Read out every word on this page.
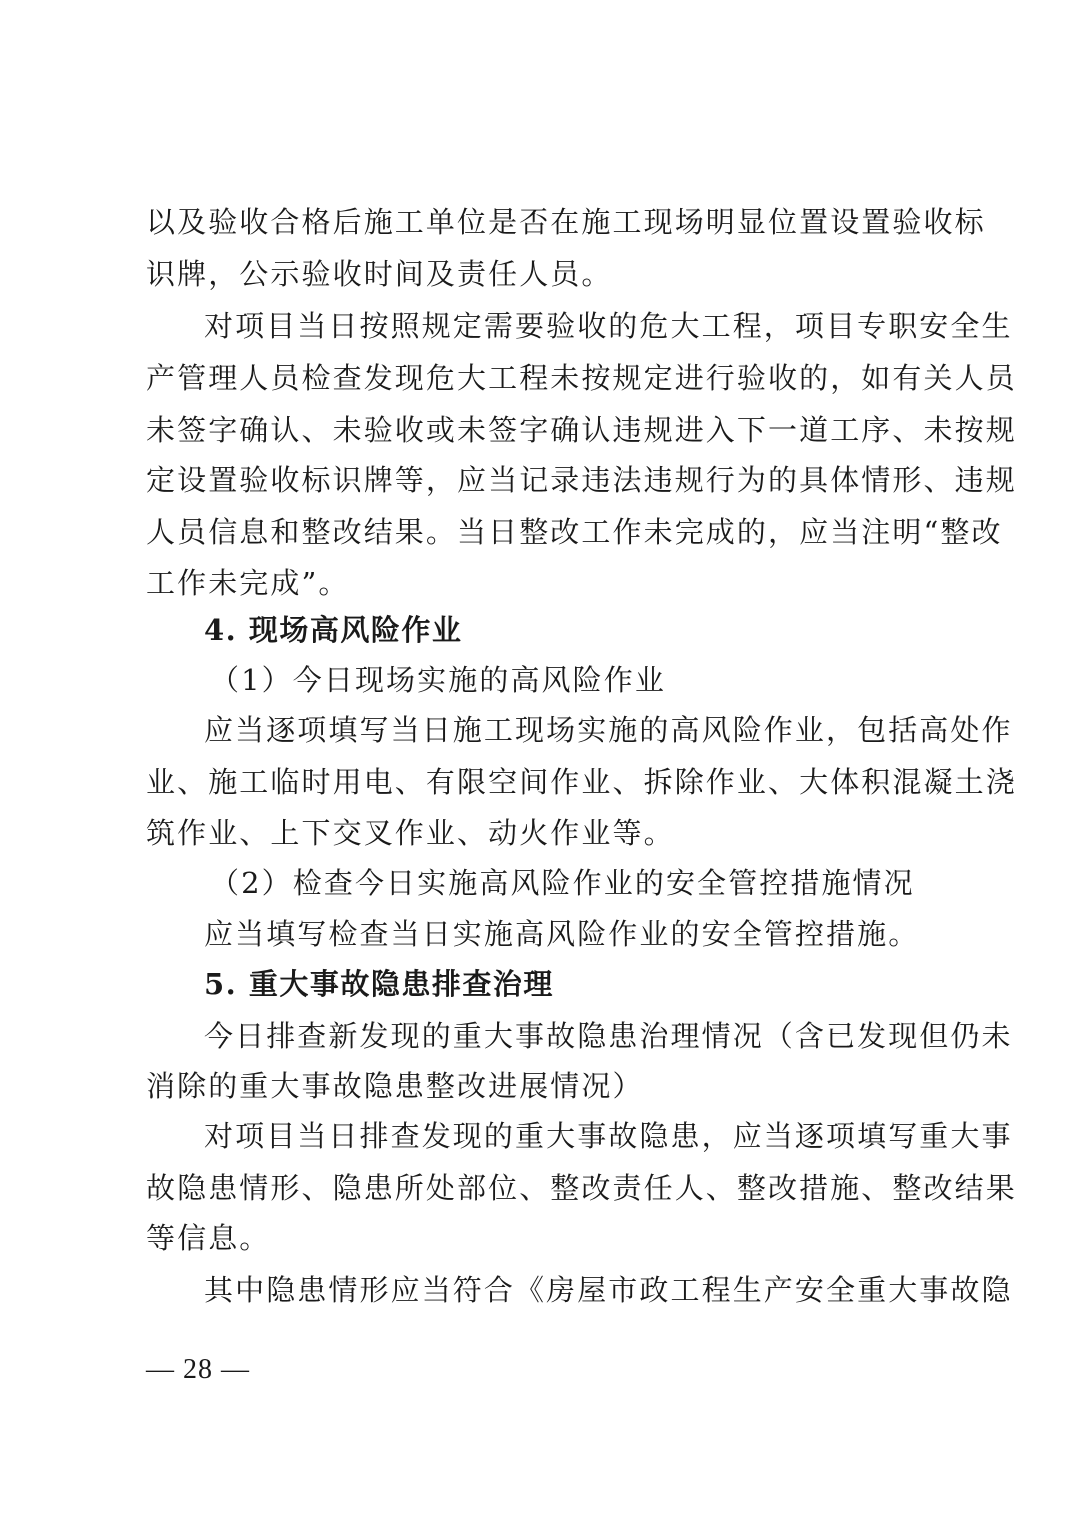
以及验收合格后施工单位是否在施工现场明显位置设置验收标
识牌，公示验收时间及责任人员。
对项目当日按照规定需要验收的危大工程，项目专职安全生
产管理人员检查发现危大工程未按规定进行验收的，如有关人员
未签字确认、未验收或未签字确认违规进入下一道工序、未按规
定设置验收标识牌等，应当记录违法违规行为的具体情形、违规
人员信息和整改结果。当日整改工作未完成的，应当注明“整改
工作未完成”。
4. 现场高风险作业
（1）今日现场实施的高风险作业
应当逐项填写当日施工现场实施的高风险作业，包括高处作
业、施工临时用电、有限空间作业、拆除作业、大体积混凝土浇
筑作业、上下交叉作业、动火作业等。
（2）检查今日实施高风险作业的安全管控措施情况
应当填写检查当日实施高风险作业的安全管控措施。
5. 重大事故隐患排查治理
今日排查新发现的重大事故隐患治理情况（含已发现但仍未
消除的重大事故隐患整改进展情况）
对项目当日排查发现的重大事故隐患，应当逐项填写重大事
故隐患情形、隐患所处部位、整改责任人、整改措施、整改结果
等信息。
其中隐患情形应当符合《房屋市政工程生产安全重大事故隐
— 28 —
